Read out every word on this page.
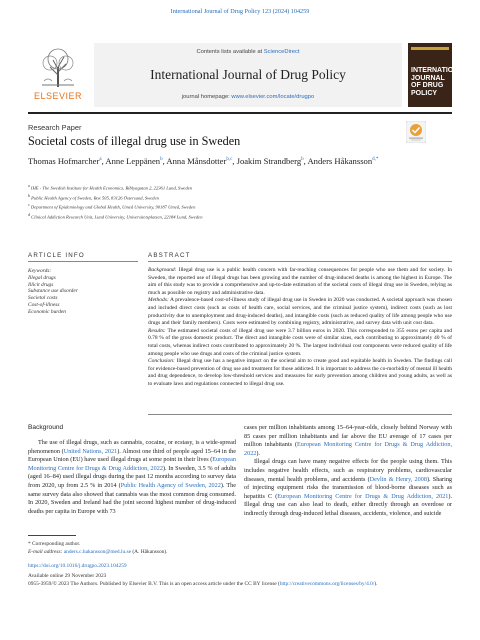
International Journal of Drug Policy 123 (2024) 104259
ELSEVIER
Contents lists available at ScienceDirect
International Journal of Drug Policy
journal homepage: www.elsevier.com/locate/drugpo
INTERNATIONAL JOURNAL OF DRUG POLICY
Research Paper
Societal costs of illegal drug use in Sweden
Thomas Hofmarcher$^a$, Anne Leppänen$^b$, Anna Månsdotter$^{b,c}$, Joakim Strandberg$^b$, Anders Håkansson$^{d,*}$
a IHE - The Swedish Institute for Health Economics, Biblyagatan 2, 22361 Lund, Sweden
b Public Health Agency of Sweden, Box 505, 83126 Östersund, Sweden
c Department of Epidemiology and Global Health, Umeå University, 90187 Umeå, Sweden
d Clinical Addiction Research Unit, Lund University, Universitetsplatsen, 22184 Lund, Sweden
ARTICLE INFO	ABSTRACT
Keywords:
Illegal drugs
Illicit drugs
Substance use disorder
Societal costs
Cost-of-illness
Economic burden

Background: Illegal drug use is a public health concern with far-reaching consequences for people who use them and for society. In Sweden, the reported use of illegal drugs has been growing and the number of drug-induced deaths is among the highest in Europe. The aim of this study was to provide a comprehensive and up-to-date estimation of the societal costs of illegal drug use in Sweden, relying as much as possible on registry and administrative data.

Methods: A prevalence-based cost-of-illness study of illegal drug use in Sweden in 2020 was conducted. A societal approach was chosen and included direct costs (such as costs of health care, social services, and the criminal justice system), indirect costs (such as lost productivity due to unemployment and drug-induced deaths), and intangible costs (such as reduced quality of life among people who use drugs and their family members). Costs were estimated by combining registry, administrative, and survey data with unit cost data.

Results: The estimated societal costs of illegal drug use were 3.7 billion euros in 2020. This corresponded to 355 euros per capita and 0.78 % of the gross domestic product. The direct and intangible costs were of similar sizes, each contributing to approximately 40 % of total costs, whereas indirect costs contributed to approximately 20 %. The largest individual cost components were reduced quality of life among people who use drugs and costs of the criminal justice system.

Conclusion: Illegal drug use has a negative impact on the societal aim to create good and equitable health in Sweden. The findings call for evidence-based prevention of drug use and treatment for those addicted. It is important to address the co-morbidity of mental ill health and drug dependence, to develop low-threshold services and measures for early prevention among children and young adults, as well as to evaluate laws and regulations connected to illegal drug use.

Background

The use of illegal drugs, such as cannabis, cocaine, or ecstasy, is a wide-spread phenomenon (United Nations, 2021). Almost one third of people aged 15–64 in the European Union (EU) have used illegal drugs at some point in their lives (European Monitoring Centre for Drugs & Drug Addiction, 2022). In Sweden, 3.5 % of adults (aged 16–84) used illegal drugs during the past 12 months according to survey data from 2020, up from 2.5 % in 2014 (Public Health Agency of Sweden, 2022). The same survey data also showed that cannabis was the most common drug consumed. In 2020, Sweden and Ireland had the joint second highest number of drug-induced deaths per capita in Europe with 73

cases per million inhabitants among 15–64-year-olds, closely behind Norway with 85 cases per million inhabitants and far above the EU average of 17 cases per million inhabitants (European Monitoring Centre for Drugs & Drug Addiction, 2022).

Illegal drugs can have many negative effects for the people using them. This includes negative health effects, such as respiratory problems, cardiovascular diseases, mental health problems, and accidents (Devlin & Henry, 2008). Sharing of injecting equipment risks the transmission of blood-borne diseases such as hepatitis C (European Monitoring Centre for Drugs & Drug Addiction, 2021). Illegal drug use can also lead to death, either directly through an overdose or indirectly through drug-induced lethal diseases, accidents, violence, and suicide

* Corresponding author.
E-mail address: anders.c.hakansson@med.lu.se (A. Håkansson).
https://doi.org/10.1016/j.drugpo.2023.104259
Available online 29 November 2023
0955-3959/© 2023 The Authors. Published by Elsevier B.V. This is an open access article under the CC BY license (http://creativecommons.org/licenses/by/4.0/).
